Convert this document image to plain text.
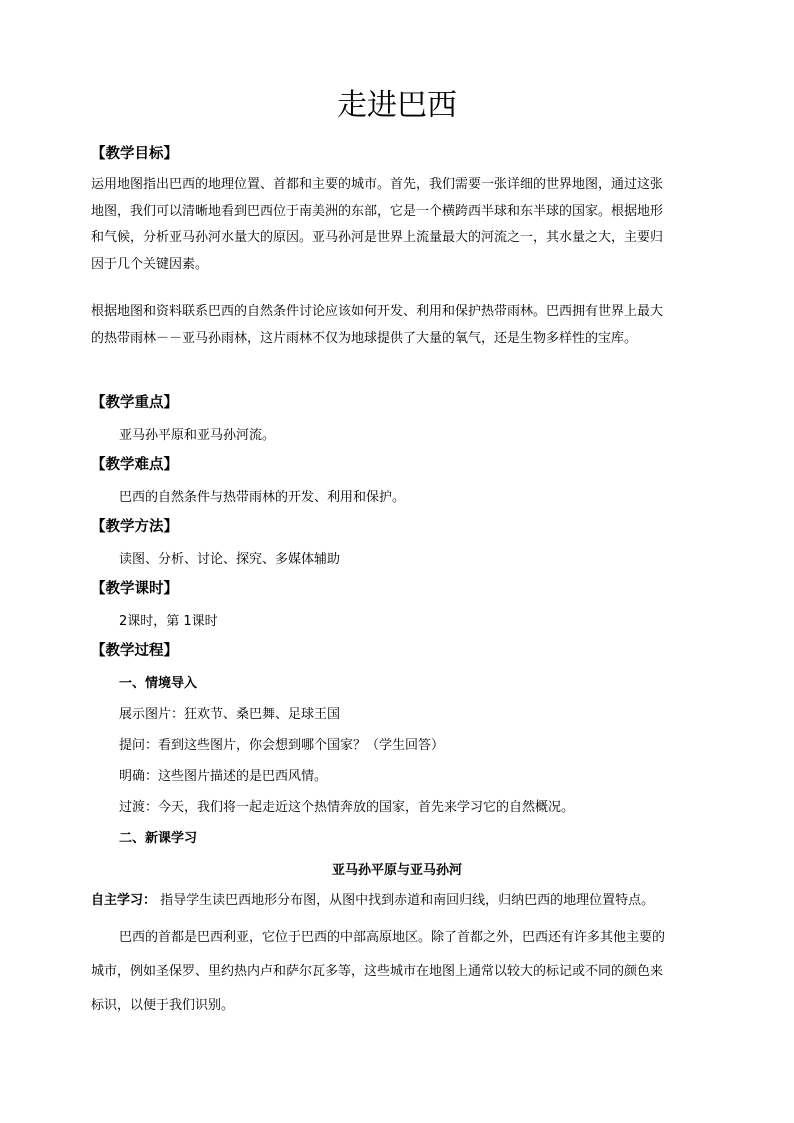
走进巴西
【教学目标】
运用地图指出巴西的地理位置、首都和主要的城市。首先，我们需要一张详细的世界地图，通过这张
地图，我们可以清晰地看到巴西位于南美洲的东部，它是一个横跨西半球和东半球的国家。根据地形
和气候，分析亚马孙河水量大的原因。亚马孙河是世界上流量最大的河流之一，其水量之大，主要归
因于几个关键因素。
根据地图和资料联系巴西的自然条件讨论应该如何开发、利用和保护热带雨林。巴西拥有世界上最大
的热带雨林－－亚马孙雨林，这片雨林不仅为地球提供了大量的氧气，还是生物多样性的宝库。
【教学重点】
亚马孙平原和亚马孙河流。
【教学难点】
巴西的自然条件与热带雨林的开发、利用和保护。
【教学方法】
读图、分析、讨论、探究、多媒体辅助
【教学课时】
2课时，第 1课时
【教学过程】
一、情境导入
展示图片：狂欢节、桑巴舞、足球王国
提问：看到这些图片，你会想到哪个国家？（学生回答）
明确：这些图片描述的是巴西风情。
过渡：今天，我们将一起走近这个热情奔放的国家，首先来学习它的自然概况。
二、新课学习
亚马孙平原与亚马孙河
自主学习： 指导学生读巴西地形分布图，从图中找到赤道和南回归线，归纳巴西的地理位置特点。
巴西的首都是巴西利亚，它位于巴西的中部高原地区。除了首都之外，巴西还有许多其他主要的
城市，例如圣保罗、里约热内卢和萨尔瓦多等，这些城市在地图上通常以较大的标记或不同的颜色来
标识，以便于我们识别。
